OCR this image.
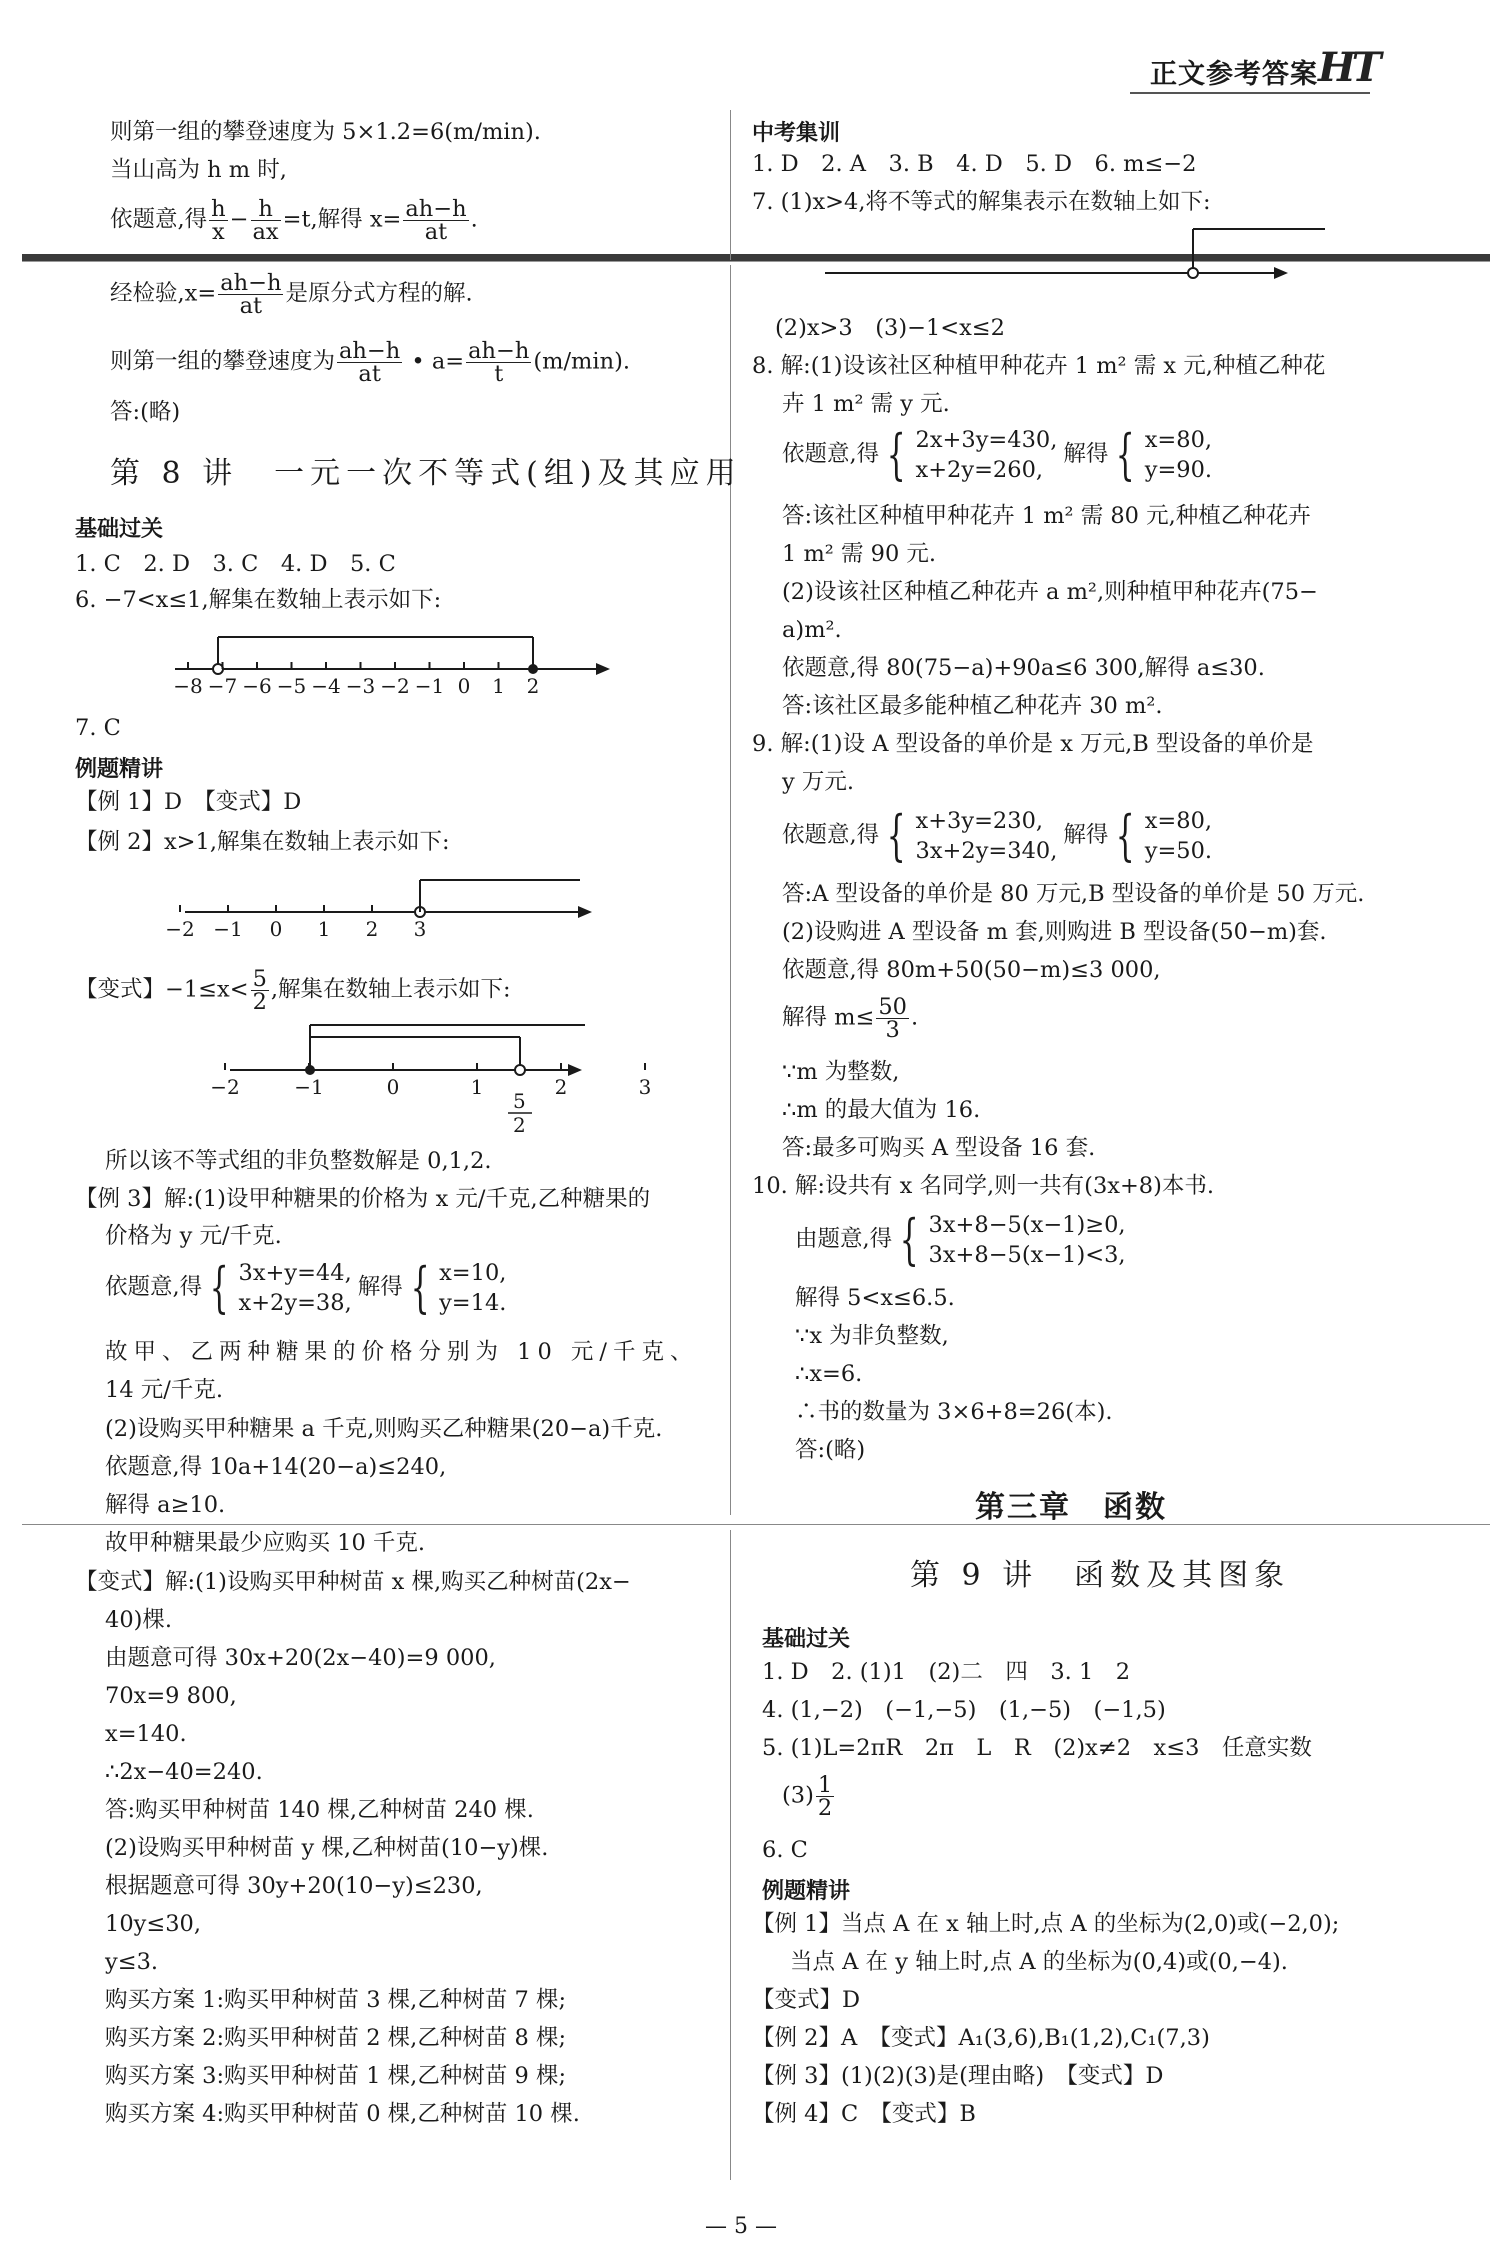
正文参考答案 HT
则第一组的攀登速度为 5×1.2=6(m/min).
当山高为 h m 时,
依题意,得 $\frac{h}{x} - \frac{h}{ax} =t$,解得 $x= \frac{ah-h}{at}$ .
经检验$,x= \frac{ah-h}{at}$ 是原分式方程的解.
则第一组的攀登速度为 $\frac{ah-h}{at}$ • $a= \frac{ah-h}{t} (m/\min)$.
答:(略)
第 8 讲　一元一次不等式(组)及其应用
基础过关
1. C　2. D　3. C　4. D　5. C
6. −7<x≤1,解集在数轴上表示如下:
−8 −7 −6 −5 −4 −3 −2 −1 0 1 2
7. C
例题精讲
【例 1】D　【变式】D
【例 2】x>1,解集在数轴上表示如下:
−2 −1 0 1 2 3
【变式】$-1\le x< \frac{5}{2}$ ,解集在数轴上表示如下:
−2	−1	0	1	2	3
5
2
所以该不等式组的非负整数解是 0,1,2.
【例 3】解:(1)设甲种糖果的价格为 x 元/千克,乙种糖果的
价格为 y 元/千克.
依题意,得 { 3x+y=44,
x+2y=38,
解得 { x=10,
y=14.
故甲、乙两种糖果的价格分别为 10 元/千克、
14 元/千克.
(2)设购买甲种糖果 a 千克,则购买乙种糖果(20−a)千克.
依题意,得 10a+14(20−a)≤240,
解得 a≥10.
故甲种糖果最少应购买 10 千克.
【变式】解:(1)设购买甲种树苗 x 棵,购买乙种树苗(2x−
40)棵.
由题意可得 30x+20(2x−40)=9 000,
70x=9 800,
x=140.
∴2x−40=240.
答:购买甲种树苗 140 棵,乙种树苗 240 棵.
(2)设购买甲种树苗 y 棵,乙种树苗(10−y)棵.
根据题意可得 30y+20(10−y)≤230,
10y≤30,
y≤3.
购买方案 1:购买甲种树苗 3 棵,乙种树苗 7 棵;
购买方案 2:购买甲种树苗 2 棵,乙种树苗 8 棵;
购买方案 3:购买甲种树苗 1 棵,乙种树苗 9 棵;
购买方案 4:购买甲种树苗 0 棵,乙种树苗 10 棵.
中考集训
1. D　2. A　3. B　4. D　5. D　6. m≤−2
7. (1)x>4,将不等式的解集表示在数轴上如下:
(2)x>3　(3)−1<x≤2
8. 解:(1)设该社区种植甲种花卉 1 m² 需 x 元,种植乙种花
卉 1 m² 需 y 元.
依题意,得 { 2x+3y=430,
x+2y=260,
解得 { x=80,
y=90.
答:该社区种植甲种花卉 1 m² 需 80 元,种植乙种花卉
1 m² 需 90 元.
(2)设该社区种植乙种花卉 a m²,则种植甲种花卉(75−
a)m².
依题意,得 80(75−a)+90a≤6 300,解得 a≤30.
答:该社区最多能种植乙种花卉 30 m².
9. 解:(1)设 A 型设备的单价是 x 万元,B 型设备的单价是
y 万元.
依题意,得 { x+3y=230,
3x+2y=340,
解得 { x=80,
y=50.
答:A 型设备的单价是 80 万元,B 型设备的单价是 50 万元.
(2)设购进 A 型设备 m 套,则购进 B 型设备(50−m)套.
依题意,得 80m+50(50−m)≤3 000,
解得 $m\le \frac{50}{3}$ .
∵m 为整数,
∴m 的最大值为 16.
答:最多可购买 A 型设备 16 套.
10. 解:设共有 x 名同学,则一共有(3x+8)本书.
由题意,得 { 3x+8−5(x−1)≥0,
3x+8−5(x−1)<3,
解得 5<x≤6.5.
∵x 为非负整数,
∴x=6.
∴书的数量为 3×6+8=26(本).
答:(略)
第三章　函数
第 9 讲　函数及其图象
基础过关
1. D　2. (1)1　(2)二　四　3. 1　2
4. (1,−2)　(−1,−5)　(1,−5)　(−1,5)
5. (1)L=2πR　2π　L　R　(2)x≠2　x≤3　任意实数
$(3) \frac{1}{2}$
6. C
例题精讲
【例 1】当点 A 在 x 轴上时,点 A 的坐标为(2,0)或(−2,0);
当点 A 在 y 轴上时,点 A 的坐标为(0,4)或(0,−4).
【变式】D
【例 2】A　【变式】A₁(3,6),B₁(1,2),C₁(7,3)
【例 3】(1)(2)(3)是(理由略)　【变式】D
【例 4】C　【变式】B
— 5 —
